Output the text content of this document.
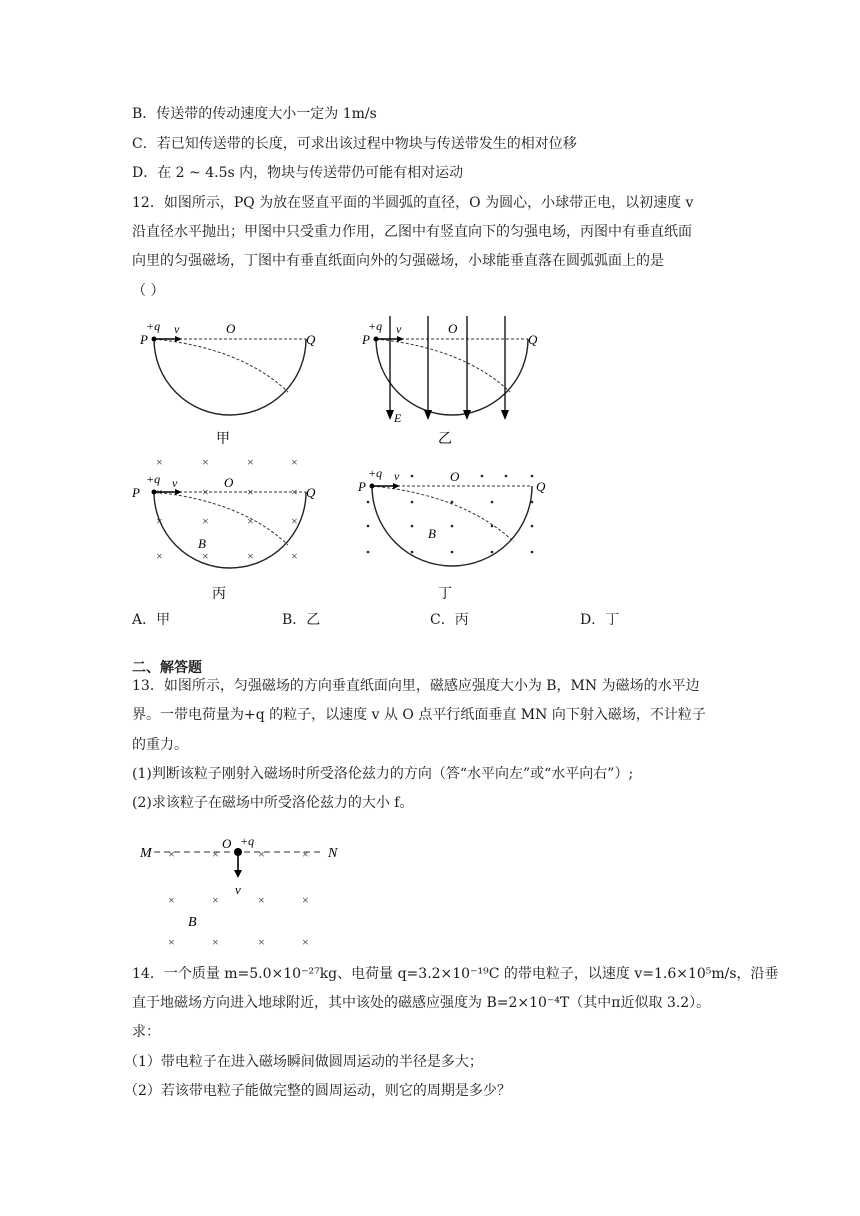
B．传送带的传动速度大小一定为 1m/s
C．若已知传送带的长度，可求出该过程中物块与传送带发生的相对位移
D．在 2 ~ 4.5s 内，物块与传送带仍可能有相对运动
12．如图所示，PQ 为放在竖直平面的半圆弧的直径，O 为圆心，小球带正电，以初速度 v
沿直径水平抛出；甲图中只受重力作用，乙图中有竖直向下的匀强电场，丙图中有垂直纸面
向里的匀强磁场，丁图中有垂直纸面向外的匀强磁场，小球能垂直落在圆弧弧面上的是
（ ）
P
+q v	O
Q
甲
P
+q v	O
Q
E
乙
×	×	×	×
×	×	×	×
×	×	×	×
×	×	×	×
P
+q v	O
Q
B
丙
P
+q v	O
Q
B
丁
A．甲	B．乙	C．丙	D．丁
二、解答题
13．如图所示，匀强磁场的方向垂直纸面向里，磁感应强度大小为 B，MN 为磁场的水平边
界。一带电荷量为+q 的粒子，以速度 v 从 O 点平行纸面垂直 MN 向下射入磁场，不计粒子
的重力。
(1)判断该粒子刚射入磁场时所受洛伦兹力的方向（答“水平向左”或“水平向右”）;
(2)求该粒子在磁场中所受洛伦兹力的大小 f。
×	×	×	×
×	×	×	×
×	×	×	×
M	N
O +q
v
B
14．一个质量 m=5.0×10⁻²⁷kg、电荷量 q=3.2×10⁻¹⁹C 的带电粒子，以速度 v=1.6×10⁵m/s，沿垂
直于地磁场方向进入地球附近，其中该处的磁感应强度为 B=2×10⁻⁴T（其中π近似取 3.2）。
求：
（1）带电粒子在进入磁场瞬间做圆周运动的半径是多大；
（2）若该带电粒子能做完整的圆周运动，则它的周期是多少？
